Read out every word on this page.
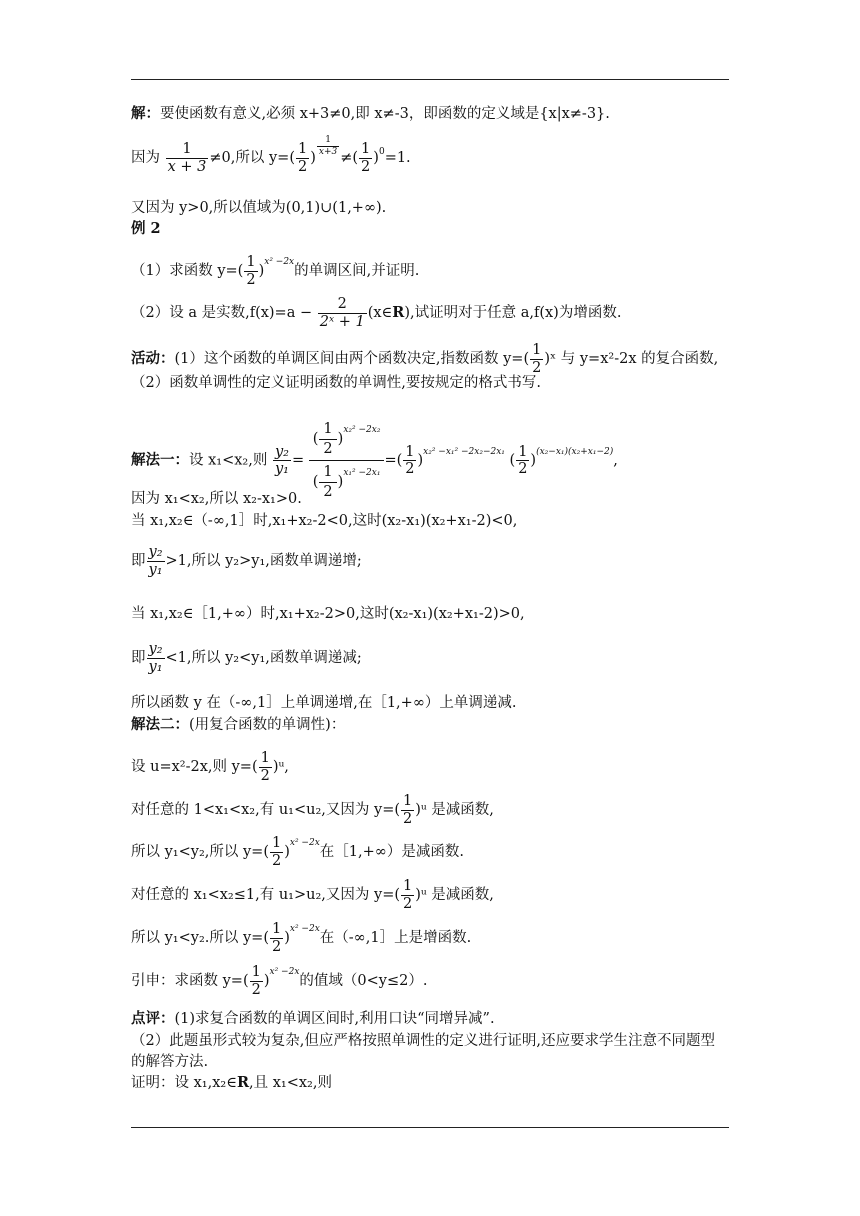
解：要使函数有意义,必须 x+3≠0,即 x≠-3，即函数的定义域是{x|x≠-3}.
因为 $\frac{1}{x + 3} \ne 0$,所以 $y=( \frac{1}{2}$ )
$\frac{1}{x+3}$
≠( $\frac{1}{2} )^0=1$.
又因为 y>0,所以值域为(0,1)∪(1,+∞).
例 2
（1）求函数 $y=( \frac{1}{2} )^{x^2 -2x}$的单调区间,并证明.
（2）设 a 是实数$,f(x)=a - \frac{2}{\text{2ˣ + 1}}$ (x∈R),试证明对于任意 a,f(x)为增函数.
活动：(1）这个函数的单调区间由两个函数决定,指数函数 $y=( \frac{1}{2}$ )ˣ 与 y=x²-2x 的复合函数,
（2）函数单调性的定义证明函数的单调性,要按规定的格式书写.
解法一：设 x₁<x₂,则 $\frac{\text{y₂}}{\text{y₁}} = \frac{( \frac{1}{2} )^{x_2^2 -2x_2}}{( \frac{1}{2} )^{x_1^2 -2x_1}}$ =( $\frac{1}{2} )^{x_2^2 -x_1^2 -2x_2-2x_1}$ ( $\frac{1}{2} )^{(x_2-x_1)(x_2+x_1-2)}$,
因为 x₁<x₂,所以 x₂-x₁>0.
当 x₁,x₂∈（-∞,1］时,x₁+x₂-2<0,这时(x₂-x₁)(x₂+x₁-2)<0,
即 $\frac{\text{y₂}}{\text{y₁}} >1$,所以 y₂>y₁,函数单调递增;
当 x₁,x₂∈［1,+∞）时,x₁+x₂-2>0,这时(x₂-x₁)(x₂+x₁-2)>0,
即 $\frac{\text{y₂}}{\text{y₁}} <1$,所以 y₂<y₁,函数单调递减;
所以函数 y 在（-∞,1］上单调递增,在［1,+∞）上单调递减.
解法二：(用复合函数的单调性)：
设 u=x²-2x,则 $y=( \frac{1}{2}$ )ᵘ,
对任意的 1<x₁<x₂,有 u₁<u₂,又因为 $y=( \frac{1}{2}$ )ᵘ 是减函数,
所以 y₁<y₂,所以 $y=( \frac{1}{2} )^{x^2 -2x}$在［1,+∞）是减函数.
对任意的 x₁<x₂≤1,有 u₁>u₂,又因为 $y=( \frac{1}{2}$ )ᵘ 是减函数,
所以 y₁<y₂.所以 $y=( \frac{1}{2} )^{x^2 -2x}$在（-∞,1］上是增函数.
引申：求函数 $y=( \frac{1}{2} )^{x^2 -2x}$的值域（0<y≤2）.
点评：(1)求复合函数的单调区间时,利用口诀“同增异减”.
（2）此题虽形式较为复杂,但应严格按照单调性的定义进行证明,还应要求学生注意不同题型
的解答方法.
证明：设 x₁,x₂∈R,且 x₁<x₂,则
